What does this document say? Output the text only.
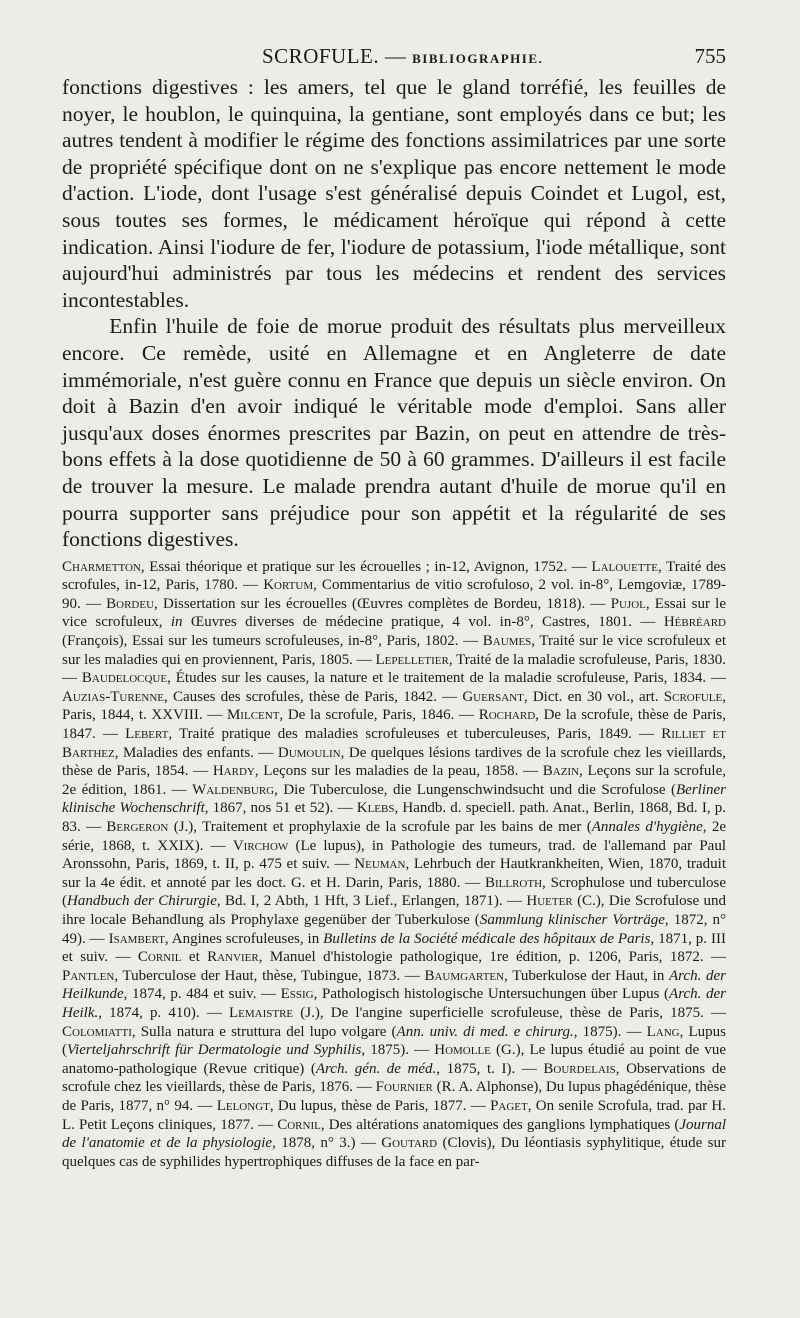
SCROFULE. — BIBLIOGRAPHIE.	755

fonctions digestives : les amers, tel que le gland torréfié, les feuilles de noyer, le houblon, le quinquina, la gentiane, sont employés dans ce but; les autres tendent à modifier le régime des fonctions assimilatrices par une sorte de propriété spécifique dont on ne s'explique pas encore nettement le mode d'action. L'iode, dont l'usage s'est généralisé depuis Coindet et Lugol, est, sous toutes ses formes, le médicament héroïque qui répond à cette indication. Ainsi l'iodure de fer, l'iodure de potassium, l'iode métallique, sont aujourd'hui administrés par tous les médecins et rendent des services incontestables.

Enfin l'huile de foie de morue produit des résultats plus merveilleux encore. Ce remède, usité en Allemagne et en Angleterre de date immémoriale, n'est guère connu en France que depuis un siècle environ. On doit à Bazin d'en avoir indiqué le véritable mode d'emploi. Sans aller jusqu'aux doses énormes prescrites par Bazin, on peut en attendre de très-bons effets à la dose quotidienne de 50 à 60 grammes. D'ailleurs il est facile de trouver la mesure. Le malade prendra autant d'huile de morue qu'il en pourra supporter sans préjudice pour son appétit et la régularité de ses fonctions digestives.

Charmetton, Essai théorique et pratique sur les écrouelles ; in-12, Avignon, 1752. — Lalouette, Traité des scrofules, in-12, Paris, 1780. — Kortum, Commentarius de vitio scrofuloso, 2 vol. in-8°, Lemgoviæ, 1789-90. — Bordeu, Dissertation sur les écrouelles (Œuvres complètes de Bordeu, 1818). — Pujol, Essai sur le vice scrofuleux, in Œuvres diverses de médecine pratique, 4 vol. in-8°, Castres, 1801. — Hébréard (François), Essai sur les tumeurs scrofuleuses, in-8°, Paris, 1802. — Baumes, Traité sur le vice scrofuleux et sur les maladies qui en proviennent, Paris, 1805. — Lepelletier, Traité de la maladie scrofuleuse, Paris, 1830. — Baudelocque, Études sur les causes, la nature et le traitement de la maladie scrofuleuse, Paris, 1834. — Auzias-Turenne, Causes des scrofules, thèse de Paris, 1842. — Guersant, Dict. en 30 vol., art. Scrofule, Paris, 1844, t. XXVIII. — Milcent, De la scrofule, Paris, 1846. — Rochard, De la scrofule, thèse de Paris, 1847. — Lebert, Traité pratique des maladies scrofuleuses et tuberculeuses, Paris, 1849. — Rilliet et Barthez, Maladies des enfants. — Dumoulin, De quelques lésions tardives de la scrofule chez les vieillards, thèse de Paris, 1854. — Hardy, Leçons sur les maladies de la peau, 1858. — Bazin, Leçons sur la scrofule, 2e édition, 1861. — Waldenburg, Die Tuberculose, die Lungenschwindsucht und die Scrofulose (Berliner klinische Wochenschrift, 1867, nos 51 et 52). — Klebs, Handb. d. speciell. path. Anat., Berlin, 1868, Bd. I, p. 83. — Bergeron (J.), Traitement et prophylaxie de la scrofule par les bains de mer (Annales d'hygiène, 2e série, 1868, t. XXIX). — Virchow (Le lupus), in Pathologie des tumeurs, trad. de l'allemand par Paul Aronssohn, Paris, 1869, t. II, p. 475 et suiv. — Neuman, Lehrbuch der Hautkrankheiten, Wien, 1870, traduit sur la 4e édit. et annoté par les doct. G. et H. Darin, Paris, 1880. — Billroth, Scrophulose und tuberculose (Handbuch der Chirurgie, Bd. I, 2 Abth, 1 Hft, 3 Lief., Erlangen, 1871). — Hueter (C.), Die Scrofulose und ihre locale Behandlung als Prophylaxe gegenüber der Tuberkulose (Sammlung klinischer Vorträge, 1872, n° 49). — Isambert, Angines scrofuleuses, in Bulletins de la Société médicale des hôpitaux de Paris, 1871, p. III et suiv. — Cornil et Ranvier, Manuel d'histologie pathologique, 1re édition, p. 1206, Paris, 1872. — Pantlen, Tuberculose der Haut, thèse, Tubingue, 1873. — Baumgarten, Tuberkulose der Haut, in Arch. der Heilkunde, 1874, p. 484 et suiv. — Essig, Pathologisch histologische Untersuchungen über Lupus (Arch. der Heilk., 1874, p. 410). — Lemaistre (J.), De l'angine superficielle scrofuleuse, thèse de Paris, 1875. — Colomiatti, Sulla natura e struttura del lupo volgare (Ann. univ. di med. e chirurg., 1875). — Lang, Lupus (Vierteljahrschrift für Dermatologie und Syphilis, 1875). — Homolle (G.), Le lupus étudié au point de vue anatomo-pathologique (Revue critique) (Arch. gén. de méd., 1875, t. I). — Bourdelais, Observations de scrofule chez les vieillards, thèse de Paris, 1876. — Fournier (R. A. Alphonse), Du lupus phagédénique, thèse de Paris, 1877, n° 94. — Lelongt, Du lupus, thèse de Paris, 1877. — Paget, On senile Scrofula, trad. par H. L. Petit Leçons cliniques, 1877. — Cornil, Des altérations anatomiques des ganglions lymphatiques (Journal de l'anatomie et de la physiologie, 1878, n° 3.) — Goutard (Clovis), Du léontiasis syphylitique, étude sur quelques cas de syphilides hypertrophiques diffuses de la face en par-
